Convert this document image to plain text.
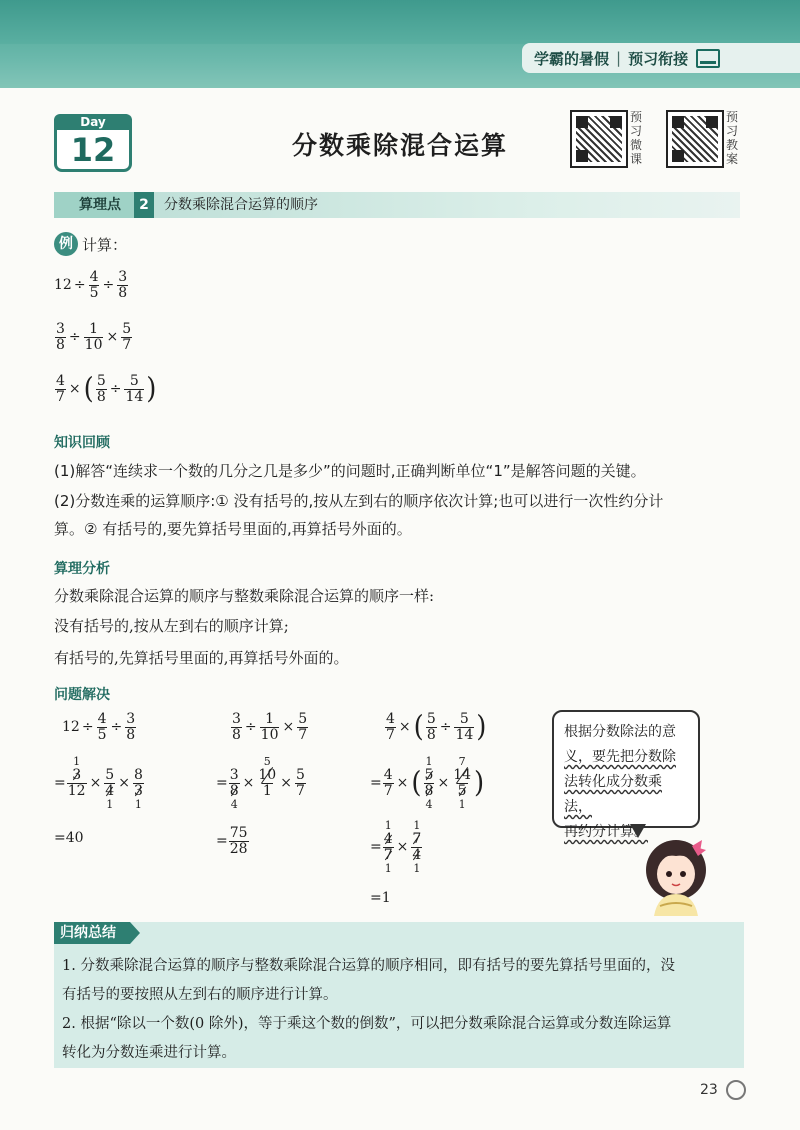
学霸的暑假 | 预习衔接
Day
12	分数乘除混合运算
预习微课
预习教案
算理点	2	分数乘除混合运算的顺序
例 计算：
$12 \div \frac{4}{5} \div \frac{3}{8}$
$\frac{3}{8} \div \frac{1}{10} \times \frac{5}{7}$
$\frac{4}{7}$ × ( $\frac{5}{8} \div \frac{5}{14}$ )
知识回顾
(1)解答“连续求一个数的几分之几是多少”的问题时,正确判断单位“1”是解答问题的关键。
(2)分数连乘的运算顺序:① 没有括号的,按从左到右的顺序依次计算;也可以进行一次性约分计
算。② 有括号的,要先算括号里面的,再算括号外面的。
算理分析
分数乘除混合运算的顺序与整数乘除混合运算的顺序一样:
没有括号的,按从左到右的顺序计算;
有括号的,先算括号里面的,再算括号外面的。
问题解决
$12 \div \frac{4}{5} \div \frac{3}{8}$
= 3
1
12 × 5
4
1 × 8
3
1
=40
$\frac{3}{8} \div \frac{1}{10} \times \frac{5}{7}$
= 3
8
4 × 10
5
$1 \times \frac{5}{7}$
= $\frac{75}{28}$
$\frac{4}{7}$ × ( $\frac{5}{8} \div \frac{5}{14}$ )
= $\frac{4}{7}$ × ( 5
1
8
4 × 14
7
5
1 )
= 4
1
7
1 × 7
1
4
1
=1
根据分数除法的意
义，要先把分数除
法转化成分数乘法，
再约分计算。
归纳总结
1. 分数乘除混合运算的顺序与整数乘除混合运算的顺序相同，即有括号的要先算括号里面的，没
有括号的要按照从左到右的顺序进行计算。
2. 根据“除以一个数(0 除外)，等于乘这个数的倒数”，可以把分数乘除混合运算或分数连除运算
转化为分数连乘进行计算。
23
